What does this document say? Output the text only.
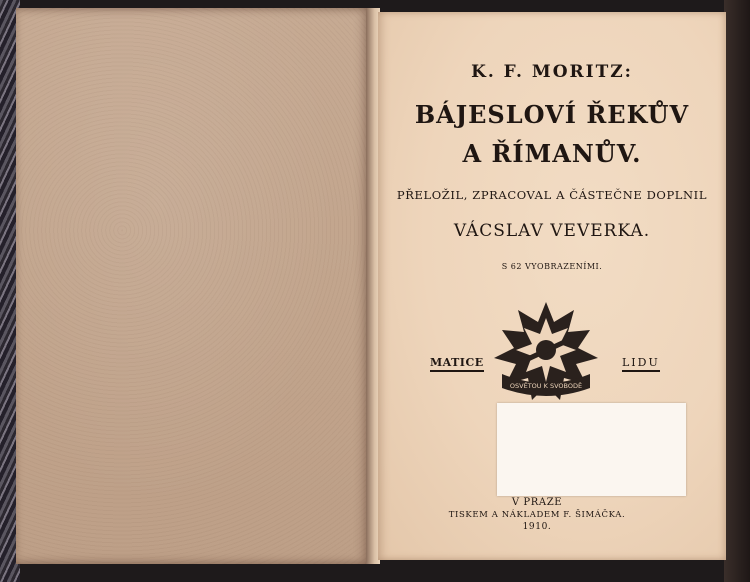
K. F. MORITZ:

BÁJESLOVÍ ŘEKŮV

A ŘÍMANŮV.

PŘELOŽIL, ZPRACOVAL A ČÁSTEČNE DOPLNIL

VÁCSLAV VEVERKA.

S 62 VYOBRAZENÍMI.

MATICE	LIDU
OSVĚTOU K SVOBODĚ

V PRAZE

TISKEM A NÁKLADEM F. ŠIMÁČKA.

1910.
